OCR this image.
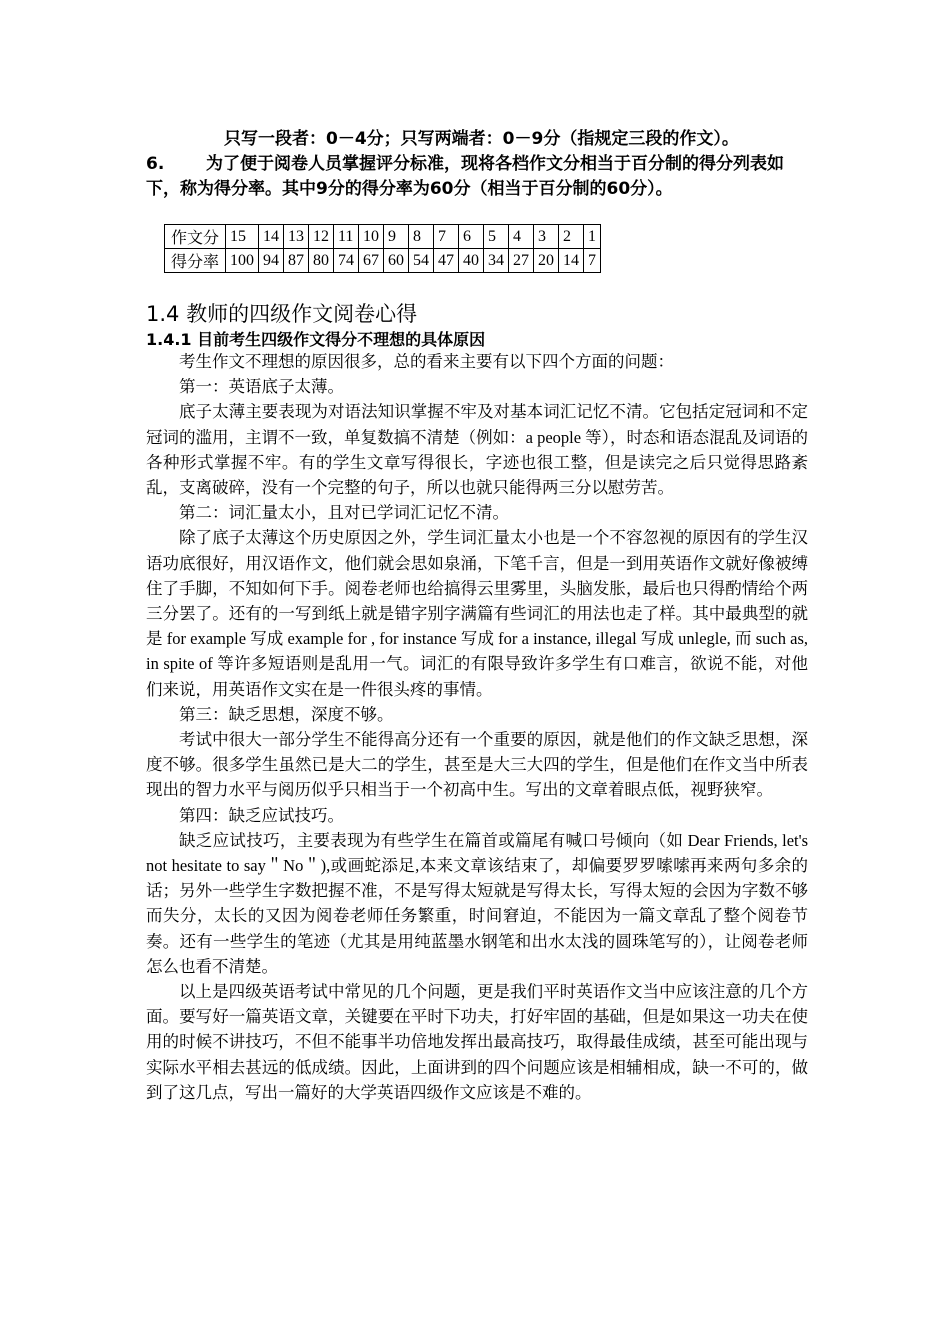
只写一段者：0－4分；只写两端者：0－9分（指规定三段的作文）。
6. 为了便于阅卷人员掌握评分标准，现将各档作文分相当于百分制的得分列表如下，称为得分率。其中9分的得分率为60分（相当于百分制的60分）。
作文分	15	14	13	12	11	10	9	8	7	6	5	4	3	2	1
得分率	100	94	87	80	74	67	60	54	47	40	34	27	20	14	7
1.4 教师的四级作文阅卷心得
1.4.1 目前考生四级作文得分不理想的具体原因

考生作文不理想的原因很多，总的看来主要有以下四个方面的问题：

第一：英语底子太薄。

底子太薄主要表现为对语法知识掌握不牢及对基本词汇记忆不清。它包括定冠词和不定冠词的滥用，主谓不一致，单复数搞不清楚（例如：a people 等），时态和语态混乱及词语的各种形式掌握不牢。有的学生文章写得很长，字迹也很工整，但是读完之后只觉得思路紊乱，支离破碎，没有一个完整的句子，所以也就只能得两三分以慰劳苦。

第二：词汇量太小，且对已学词汇记忆不清。

除了底子太薄这个历史原因之外，学生词汇量太小也是一个不容忽视的原因有的学生汉语功底很好，用汉语作文，他们就会思如泉涌，下笔千言，但是一到用英语作文就好像被缚住了手脚，不知如何下手。阅卷老师也给搞得云里雾里，头脑发胀，最后也只得酌情给个两三分罢了。还有的一写到纸上就是错字别字满篇有些词汇的用法也走了样。其中最典型的就是 for example 写成 example for , for instance 写成 for a instance, illegal 写成 unlegle, 而 such as, in spite of 等许多短语则是乱用一气。词汇的有限导致许多学生有口难言，欲说不能，对他们来说，用英语作文实在是一件很头疼的事情。

第三：缺乏思想，深度不够。

考试中很大一部分学生不能得高分还有一个重要的原因，就是他们的作文缺乏思想，深度不够。很多学生虽然已是大二的学生，甚至是大三大四的学生，但是他们在作文当中所表现出的智力水平与阅历似乎只相当于一个初高中生。写出的文章着眼点低，视野狭窄。

第四：缺乏应试技巧。

缺乏应试技巧，主要表现为有些学生在篇首或篇尾有喊口号倾向（如 Dear Friends, let's not hesitate to say＂No＂),或画蛇添足,本来文章该结束了，却偏要罗罗嗦嗦再来两句多余的话；另外一些学生字数把握不准，不是写得太短就是写得太长，写得太短的会因为字数不够而失分，太长的又因为阅卷老师任务繁重，时间窘迫，不能因为一篇文章乱了整个阅卷节奏。还有一些学生的笔迹（尤其是用纯蓝墨水钢笔和出水太浅的圆珠笔写的），让阅卷老师怎么也看不清楚。

以上是四级英语考试中常见的几个问题，更是我们平时英语作文当中应该注意的几个方面。要写好一篇英语文章，关键要在平时下功夫，打好牢固的基础，但是如果这一功夫在使用的时候不讲技巧，不但不能事半功倍地发挥出最高技巧，取得最佳成绩，甚至可能出现与实际水平相去甚远的低成绩。因此，上面讲到的四个问题应该是相辅相成，缺一不可的，做到了这几点，写出一篇好的大学英语四级作文应该是不难的。
